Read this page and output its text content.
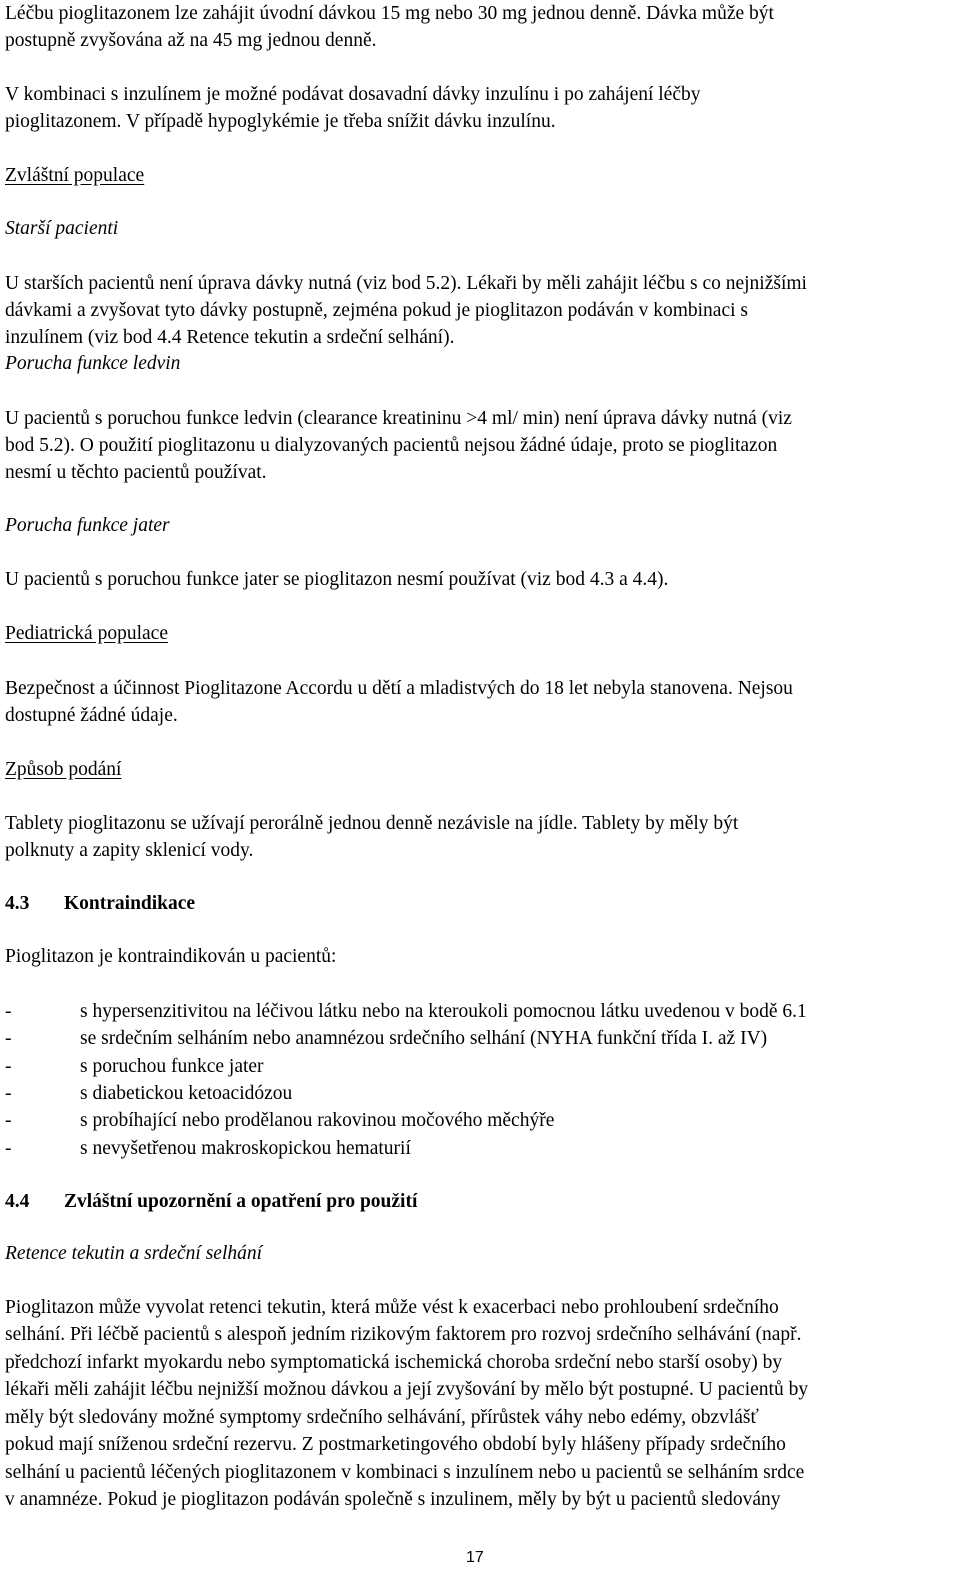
Léčbu pioglitazonem lze zahájit úvodní dávkou 15 mg nebo 30 mg jednou denně. Dávka může být
postupně zvyšována až na 45 mg jednou denně.
V kombinaci s inzulínem je možné podávat dosavadní dávky inzulínu i po zahájení léčby
pioglitazonem. V případě hypoglykémie je třeba snížit dávku inzulínu.
Zvláštní populace
Starší pacienti
U starších pacientů není úprava dávky nutná (viz bod 5.2). Lékaři by měli zahájit léčbu s co nejnižšími
dávkami a zvyšovat tyto dávky postupně, zejména pokud je pioglitazon podáván v kombinaci s
inzulínem (viz bod 4.4 Retence tekutin a srdeční selhání).
Porucha funkce ledvin
U pacientů s poruchou funkce ledvin (clearance kreatininu >4 ml/ min) není úprava dávky nutná (viz
bod 5.2). O použití pioglitazonu u dialyzovaných pacientů nejsou žádné údaje, proto se pioglitazon
nesmí u těchto pacientů používat.
Porucha funkce jater
U pacientů s poruchou funkce jater se pioglitazon nesmí používat (viz bod 4.3 a 4.4).
Pediatrická populace
Bezpečnost a účinnost Pioglitazone Accordu u dětí a mladistvých do 18 let nebyla stanovena. Nejsou
dostupné žádné údaje.
Způsob podání
Tablety pioglitazonu se užívají perorálně jednou denně nezávisle na jídle. Tablety by měly být
polknuty a zapity sklenicí vody.
4.3 Kontraindikace
Pioglitazon je kontraindikován u pacientů:
-	s hypersenzitivitou na léčivou látku nebo na kteroukoli pomocnou látku uvedenou v bodě 6.1
-	se srdečním selháním nebo anamnézou srdečního selhání (NYHA funkční třída I. až IV)
-	s poruchou funkce jater
-	s diabetickou ketoacidózou
-	s probíhající nebo prodělanou rakovinou močového měchýře
-	s nevyšetřenou makroskopickou hematurií
4.4 Zvláštní upozornění a opatření pro použití
Retence tekutin a srdeční selhání
Pioglitazon může vyvolat retenci tekutin, která může vést k exacerbaci nebo prohloubení srdečního
selhání. Při léčbě pacientů s alespoň jedním rizikovým faktorem pro rozvoj srdečního selhávání (např.
předchozí infarkt myokardu nebo symptomatická ischemická choroba srdeční nebo starší osoby) by
lékaři měli zahájit léčbu nejnižší možnou dávkou a její zvyšování by mělo být postupné. U pacientů by
měly být sledovány možné symptomy srdečního selhávání, přírůstek váhy nebo edémy, obzvlášť
pokud mají sníženou srdeční rezervu. Z postmarketingového období byly hlášeny případy srdečního
selhání u pacientů léčených pioglitazonem v kombinaci s inzulínem nebo u pacientů se selháním srdce
v anamnéze. Pokud je pioglitazon podáván společně s inzulinem, měly by být u pacientů sledovány
17
